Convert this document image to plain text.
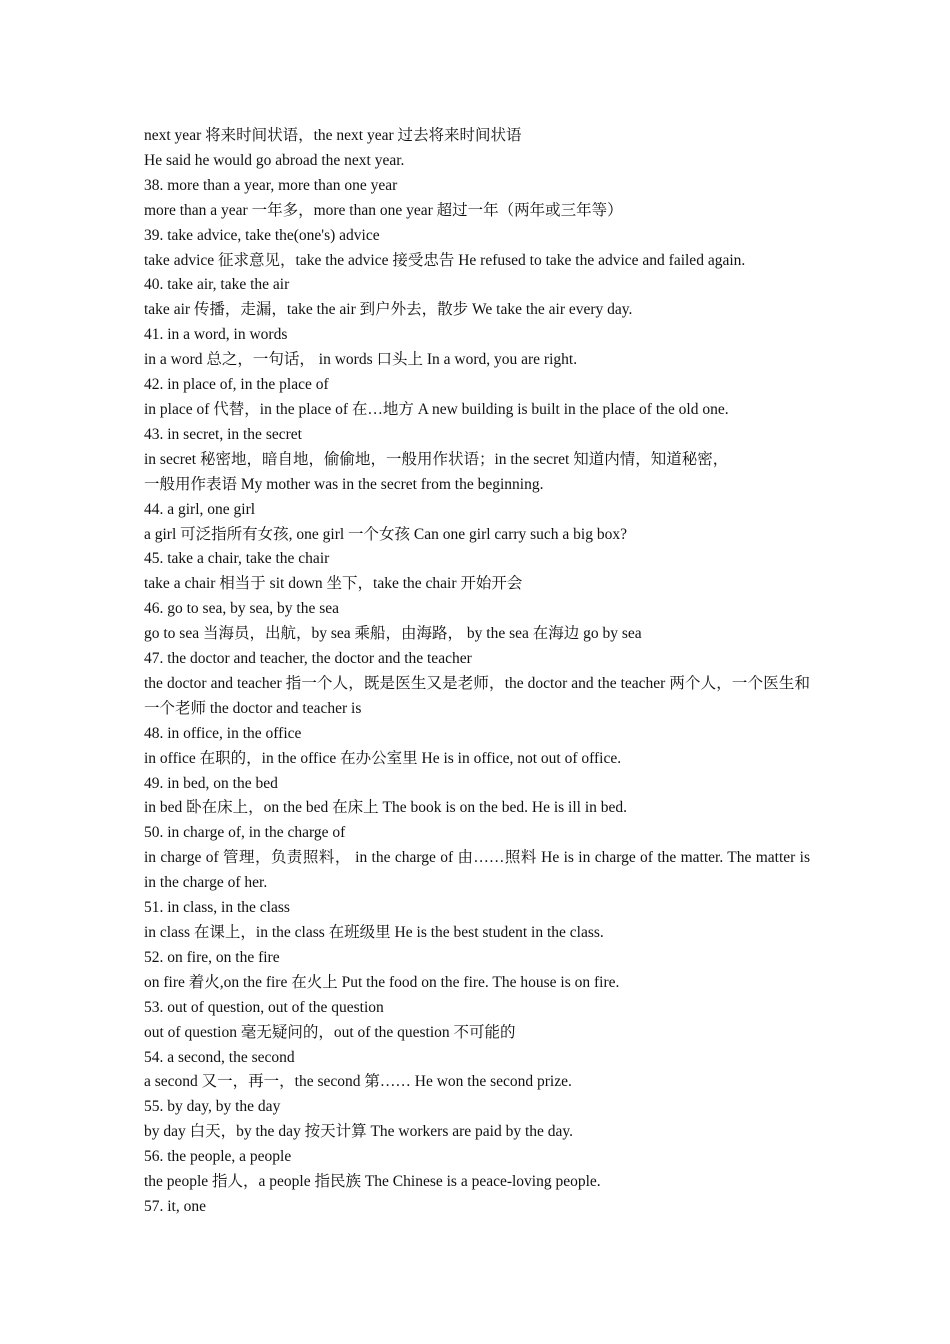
next year 将来时间状语，the next year 过去将来时间状语
He said he would go abroad the next year.
38. more than a year, more than one year
more than a year 一年多，more than one year 超过一年（两年或三年等）
39. take advice, take the(one's) advice
take advice 征求意见，take the advice 接受忠告 He refused to take the advice and failed again.
40. take air, take the air
take air 传播，走漏，take the air 到户外去，散步 We take the air every day.
41. in a word, in words
in a word 总之，一句话， in words 口头上 In a word, you are right.
42. in place of, in the place of
in place of 代替，in the place of 在…地方 A new building is built in the place of the old one.
43. in secret, in the secret
in secret 秘密地，暗自地，偷偷地，一般用作状语；in the secret 知道内情，知道秘密，
一般用作表语 My mother was in the secret from the beginning.
44. a girl, one girl
a girl 可泛指所有女孩, one girl 一个女孩 Can one girl carry such a big box?
45. take a chair, take the chair
take a chair 相当于 sit down 坐下，take the chair 开始开会
46. go to sea, by sea, by the sea
go to sea 当海员，出航，by sea 乘船，由海路， by the sea 在海边 go by sea
47. the doctor and teacher, the doctor and the teacher
the doctor and teacher 指一个人，既是医生又是老师，the doctor and the teacher 两个人，一个医生和一个老师 the doctor and teacher is
48. in office, in the office
in office 在职的，in the office 在办公室里 He is in office, not out of office.
49. in bed, on the bed
in bed 卧在床上，on the bed 在床上 The book is on the bed. He is ill in bed.
50. in charge of, in the charge of
in charge of 管理，负责照料， in the charge of 由……照料 He is in charge of the matter. The matter is in the charge of her.
51. in class, in the class
in class 在课上，in the class 在班级里 He is the best student in the class.
52. on fire, on the fire
on fire 着火,on the fire 在火上 Put the food on the fire. The house is on fire.
53. out of question, out of the question
out of question 毫无疑问的，out of the question 不可能的
54. a second, the second
a second 又一，再一，the second 第…… He won the second prize.
55. by day, by the day
by day 白天，by the day 按天计算 The workers are paid by the day.
56. the people, a people
the people 指人，a people 指民族 The Chinese is a peace-loving people.
57. it, one
